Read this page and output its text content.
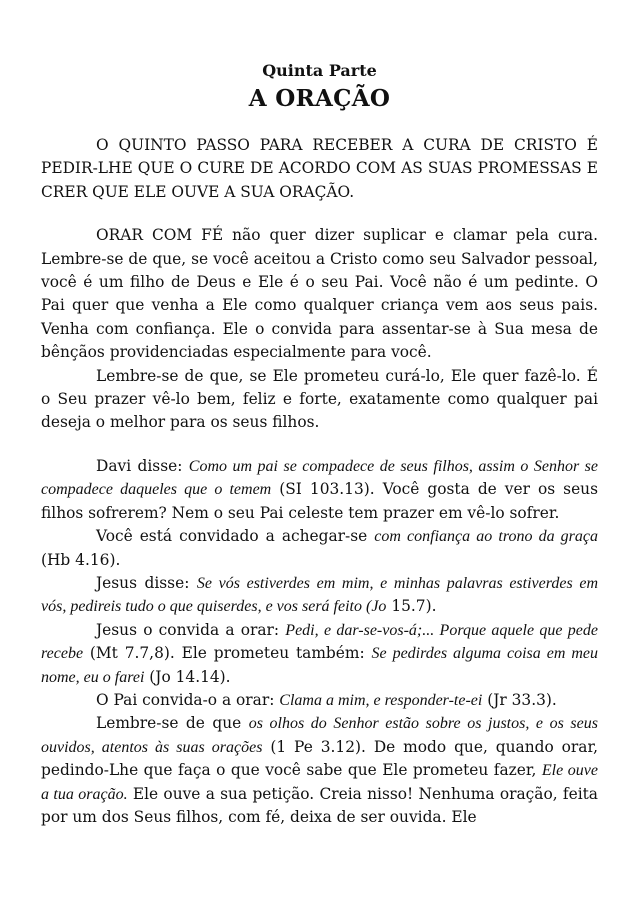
Quinta Parte
A ORAÇÃO

O QUINTO PASSO PARA RECEBER A CURA DE CRISTO É PEDIR-LHE QUE O CURE DE ACORDO COM AS SUAS PROMESSAS E CRER QUE ELE OUVE A SUA ORAÇÃO.

ORAR COM FÉ não quer dizer suplicar e clamar pela cura. Lembre-se de que, se você aceitou a Cristo como seu Salvador pessoal, você é um filho de Deus e Ele é o seu Pai. Você não é um pedinte. O Pai quer que venha a Ele como qualquer criança vem aos seus pais. Venha com confiança. Ele o convida para assentar-se à Sua mesa de bênçãos providenciadas especialmente para você.

Lembre-se de que, se Ele prometeu curá-lo, Ele quer fazê-lo. É o Seu prazer vê-lo bem, feliz e forte, exatamente como qualquer pai deseja o melhor para os seus filhos.

Davi disse: Como um pai se compadece de seus filhos, assim o Senhor se compadece daqueles que o temem (SI 103.13). Você gosta de ver os seus filhos sofrerem? Nem o seu Pai celeste tem prazer em vê-lo sofrer.

Você está convidado a achegar-se com confiança ao trono da graça (Hb 4.16).

Jesus disse: Se vós estiverdes em mim, e minhas palavras estiverdes em vós, pedireis tudo o que quiserdes, e vos será feito (Jo 15.7).

Jesus o convida a orar: Pedi, e dar-se-vos-á;... Porque aquele que pede recebe (Mt 7.7,8). Ele prometeu também: Se pedirdes alguma coisa em meu nome, eu o farei (Jo 14.14).

O Pai convida-o a orar: Clama a mim, e responder-te-ei (Jr 33.3).

Lembre-se de que os olhos do Senhor estão sobre os justos, e os seus ouvidos, atentos às suas orações (1 Pe 3.12). De modo que, quando orar, pedindo-Lhe que faça o que você sabe que Ele prometeu fazer, Ele ouve a tua oração. Ele ouve a sua petição. Creia nisso! Nenhuma oração, feita por um dos Seus filhos, com fé, deixa de ser ouvida. Ele
